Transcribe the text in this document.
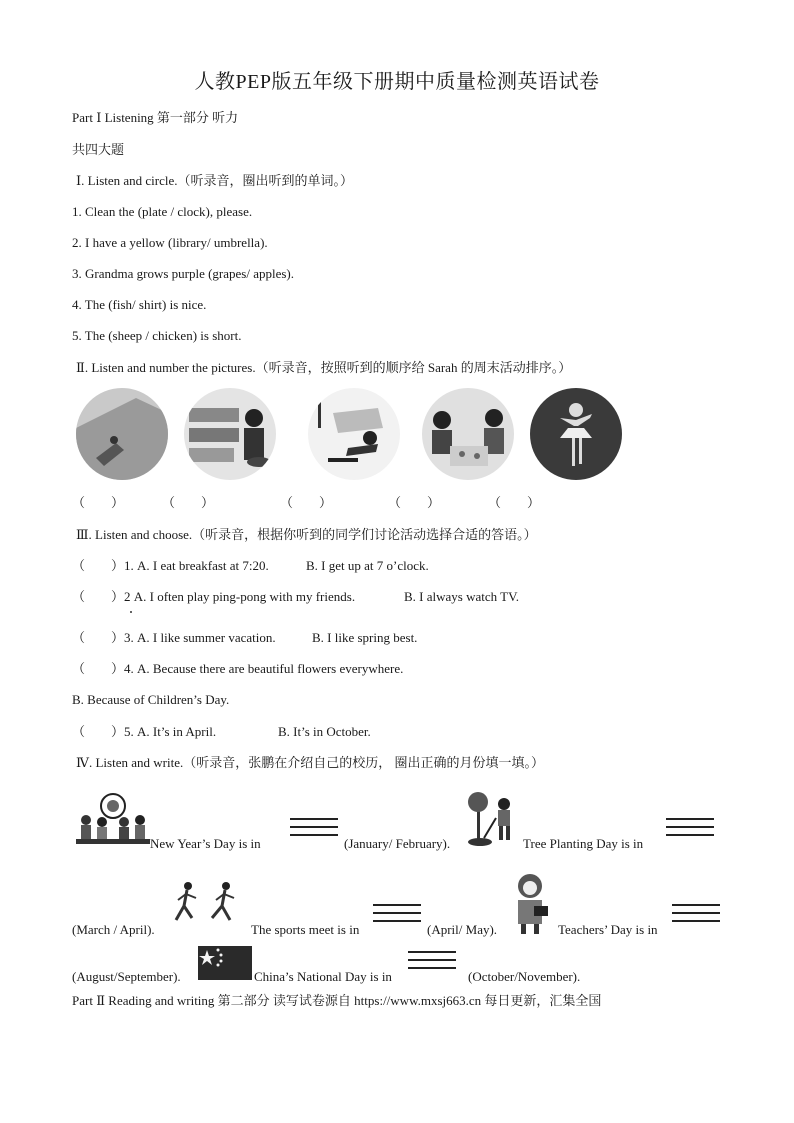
人教PEP版五年级下册期中质量检测英语试卷
Part Ⅰ Listening 第一部分 听力
共四大题
Ⅰ. Listen and circle.（听录音，圈出听到的单词。）
1. Clean the (plate / clock), please.
2. I have a yellow (library/ umbrella).
3. Grandma grows purple (grapes/ apples).
4. The (fish/ shirt) is nice.
5. The (sheep / chicken) is short.
Ⅱ. Listen and number the pictures.（听录音，按照听到的顺序给 Sarah 的周末活动排序。）
（　　）	（　　）	（　　）	（　　）	（　　）
Ⅲ. Listen and choose.（听录音，根据你听到的同学们讨论活动选择合适的答语。）
（　　）1. A. I eat breakfast at 7:20.	B. I get up at 7 o’clock.
（　　）2 A. I often play ping-pong with my friends.	B. I always watch TV.
（　　）3. A. I like summer vacation.	B. I like spring best.
（　　）4. A. Because there are beautiful flowers everywhere.
B. Because of Children’s Day.
（　　）5. A. It’s in April.	B. It’s in October.
Ⅳ. Listen and write.（听录音，张鹏在介绍自己的校历， 圈出正确的月份填一填。）
New Year’s Day is in	(January/ February).	Tree Planting Day is in
(March / April).	The sports meet is in	(April/ May).	Teachers’ Day is in
(August/September).	China’s National Day is in	(October/November).
Part Ⅱ Reading and writing 第二部分 读写试卷源自 https://www.mxsj663.cn 每日更新，汇集全国
